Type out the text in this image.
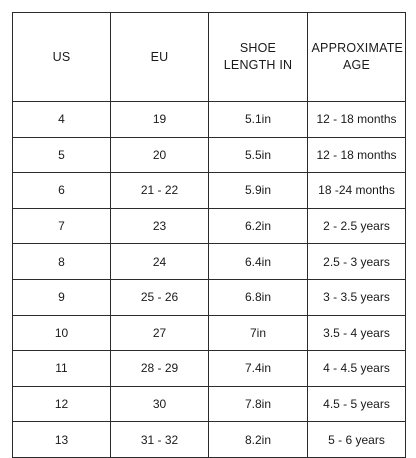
US	EU	SHOE LENGTH IN	APPROXIMATE AGE
4	19	5.1in	12 - 18 months
5	20	5.5in	12 - 18 months
6	21 - 22	5.9in	18 -24 months
7	23	6.2in	2 - 2.5 years
8	24	6.4in	2.5 - 3 years
9	25 - 26	6.8in	3 - 3.5 years
10	27	7in	3.5 - 4 years
11	28 - 29	7.4in	4 - 4.5 years
12	30	7.8in	4.5 - 5 years
13	31 - 32	8.2in	5 - 6 years
